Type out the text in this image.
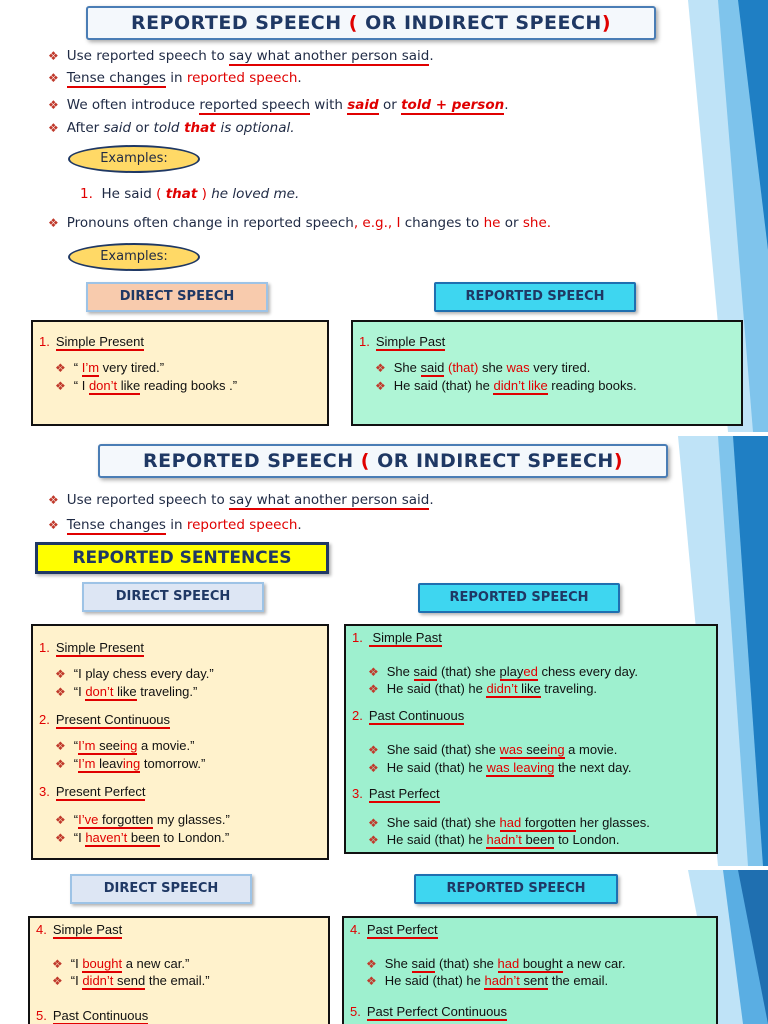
REPORTED SPEECH ( OR INDIRECT SPEECH)
❖ Use reported speech to say what another person said.
❖ Tense changes in reported speech.
❖ We often introduce reported speech with said or told + person.
❖ After said or told that is optional.
Examples:
1. He said ( that ) he loved me.
❖ Pronouns often change in reported speech, e.g., I changes to he or she.
Examples:
DIRECT SPEECH	REPORTED SPEECH
1. Simple Present
❖ “ I’m very tired.”
❖ “ I don’t like reading books .”
1. Simple Past
❖ She said (that) she was very tired.
❖ He said (that) he didn’t like reading books.
REPORTED SPEECH ( OR INDIRECT SPEECH)
❖ Use reported speech to say what another person said.
❖ Tense changes in reported speech.
REPORTED SENTENCES
DIRECT SPEECH	REPORTED SPEECH
1. Simple Present
❖ “I play chess every day.”
❖ “I don’t like traveling.”
2. Present Continuous
❖ “I’m seeing a movie.”
❖ “I’m leaving tomorrow.”
3. Present Perfect
❖ “I’ve forgotten my glasses.”
❖ “I haven’t been to London.”
1. Simple Past
❖ She said (that) she played chess every day.
❖ He said (that) he didn’t like traveling.
2. Past Continuous
❖ She said (that) she was seeing a movie.
❖ He said (that) he was leaving the next day.
3. Past Perfect
❖ She said (that) she had forgotten her glasses.
❖ He said (that) he hadn’t been to London.
DIRECT SPEECH	REPORTED SPEECH
4. Simple Past
❖ “I bought a new car.”
❖ “I didn’t send the email.”
5. Past Continuous
4. Past Perfect
❖ She said (that) she had bought a new car.
❖ He said (that) he hadn’t sent the email.
5. Past Perfect Continuous
